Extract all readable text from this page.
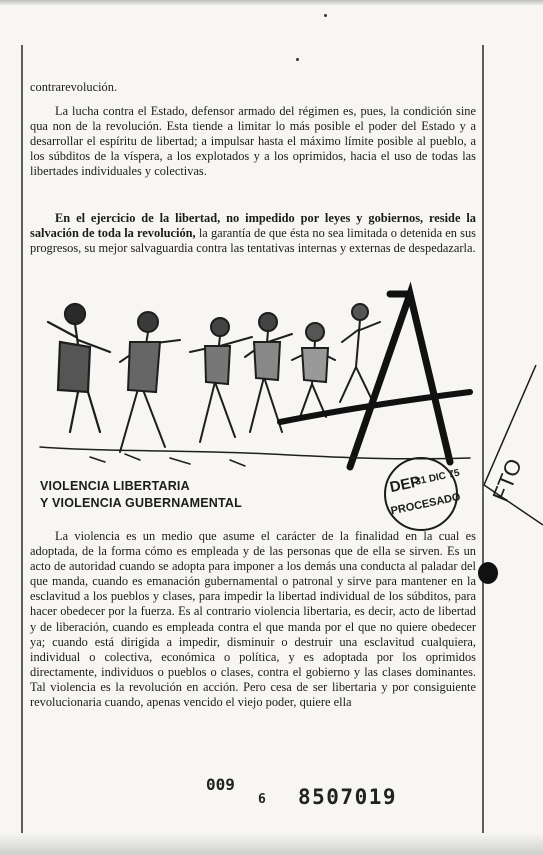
contrarevolución.

La lucha contra el Estado, defensor armado del régimen es, pues, la condición sine qua non de la revolución. Esta tiende a limitar lo más posible el poder del Estado y a desarrollar el espíritu de libertad; a impulsar hasta el máximo límite posible al pueblo, a los súbditos de la víspera, a los explotados y a los oprimidos, hacia el uso de todas las libertades individuales y colectivas.

En el ejercicio de la libertad, no impedido por leyes y gobiernos, reside la salvación de toda la revolución, la garantía de que ésta no sea limitada o detenida en sus progresos, su mejor salvaguardia contra las tentativas internas y externas de despedazarla.

VIOLENCIA LIBERTARIA
Y VIOLENCIA GUBERNAMENTAL
DEP
31 DIC 75
PROCESADO FTO

La violencia es un medio que asume el carácter de la finalidad en la cual es adoptada, de la forma cómo es empleada y de las personas que de ella se sirven. Es un acto de autoridad cuando se adopta para imponer a los demás una conducta al paladar del que manda, cuando es emanación gubernamental o patronal y sirve para mantener en la esclavitud a los pueblos y clases, para impedir la libertad individual de los súbditos, para hacer obedecer por la fuerza. Es al contrario violencia libertaria, es decir, acto de libertad y de liberación, cuando es empleada contra el que manda por el que no quiere obedecer ya; cuando está dirigida a impedir, disminuir o destruir una esclavitud cualquiera, individual o colectiva, económica o política, y es adoptada por los oprimidos directamente, individuos o pueblos o clases, contra el gobierno y las clases dominantes. Tal violencia es la revolución en acción. Pero cesa de ser libertaria y por consiguiente revolucionaria cuando, apenas vencido el viejo poder, quiere ella

009
6 8507019
